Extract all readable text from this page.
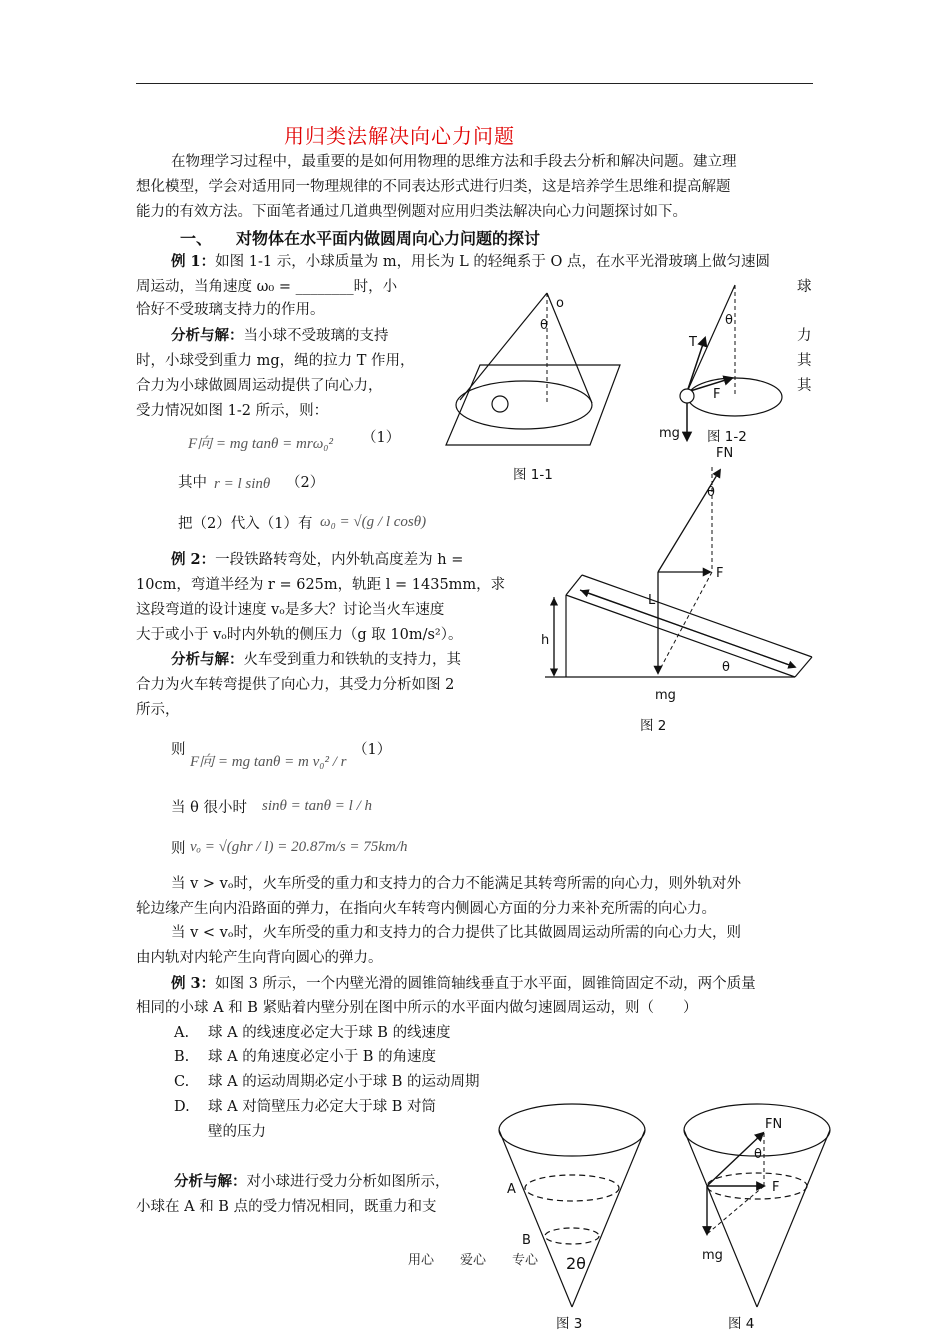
用归类法解决向心力问题
在物理学习过程中，最重要的是如何用物理的思维方法和手段去分析和解决问题。建立理
想化模型，学会对适用同一物理规律的不同表达形式进行归类，这是培养学生思维和提高解题
能力的有效方法。下面笔者通过几道典型例题对应用归类法解决向心力问题探讨如下。
一、 对物体在水平面内做圆周向心力问题的探讨
例 1：如图 1-1 示，小球质量为 m，用长为 L 的轻绳系于 O 点，在水平光滑玻璃上做匀速圆
周运动，当角速度 ω₀ = ________时，小	球
恰好不受玻璃支持力的作用。
分析与解：当小球不受玻璃的支持	力
时，小球受到重力 mg，绳的拉力 T 作用，	其
合力为小球做圆周运动提供了向心力，	其
受力情况如图 1-2 所示，则：
F向 = mg tanθ = mrω₀² （1）
其中 r = l sinθ （2）
把（2）代入（1）有 ω₀ = √(g / l cosθ)
o
θ
图 1-1
T
θ
F
mg 图 1-2
例 2：一段铁路转弯处，内外轨高度差为 h =
10cm，弯道半经为 r = 625m，轨距 l = 1435mm，求
这段弯道的设计速度 vₒ是多大？讨论当火车速度
大于或小于 vₒ时内外轨的侧压力（g 取 10m/s²）。
分析与解：火车受到重力和铁轨的支持力，其
合力为火车转弯提供了向心力，其受力分析如图 2
所示，
FN
θ
F
L
h
θ
mg
图 2
则
F向 = mg tanθ = m v₀² / r
（1）
当 θ 很小时 sinθ = tanθ = l / h
则 vₒ = √(ghr / l) = 20.87m/s = 75km/h
当 v > vₒ时，火车所受的重力和支持力的合力不能满足其转弯所需的向心力，则外轨对外
轮边缘产生向内沿路面的弹力，在指向火车转弯内侧圆心方面的分力来补充所需的向心力。
当 v < vₒ时，火车所受的重力和支持力的合力提供了比其做圆周运动所需的向心力大，则
由内轨对内轮产生向背向圆心的弹力。
例 3：如图 3 所示，一个内壁光滑的圆锥筒轴线垂直于水平面，圆锥筒固定不动，两个质量
相同的小球 A 和 B 紧贴着内壁分别在图中所示的水平面内做匀速圆周运动，则（　　）
A. 球 A 的线速度必定大于球 B 的线速度
B. 球 A 的角速度必定小于 B 的角速度
C. 球 A 的运动周期必定小于球 B 的运动周期
D. 球 A 对筒壁压力必定大于球 B 对筒
壁的压力
分析与解：对小球进行受力分析如图所示，
小球在 A 和 B 点的受力情况相同，既重力和支
A
B
2θ
图 3
FN
θ
F
mg
图 4
用心　　爱心　　专心
